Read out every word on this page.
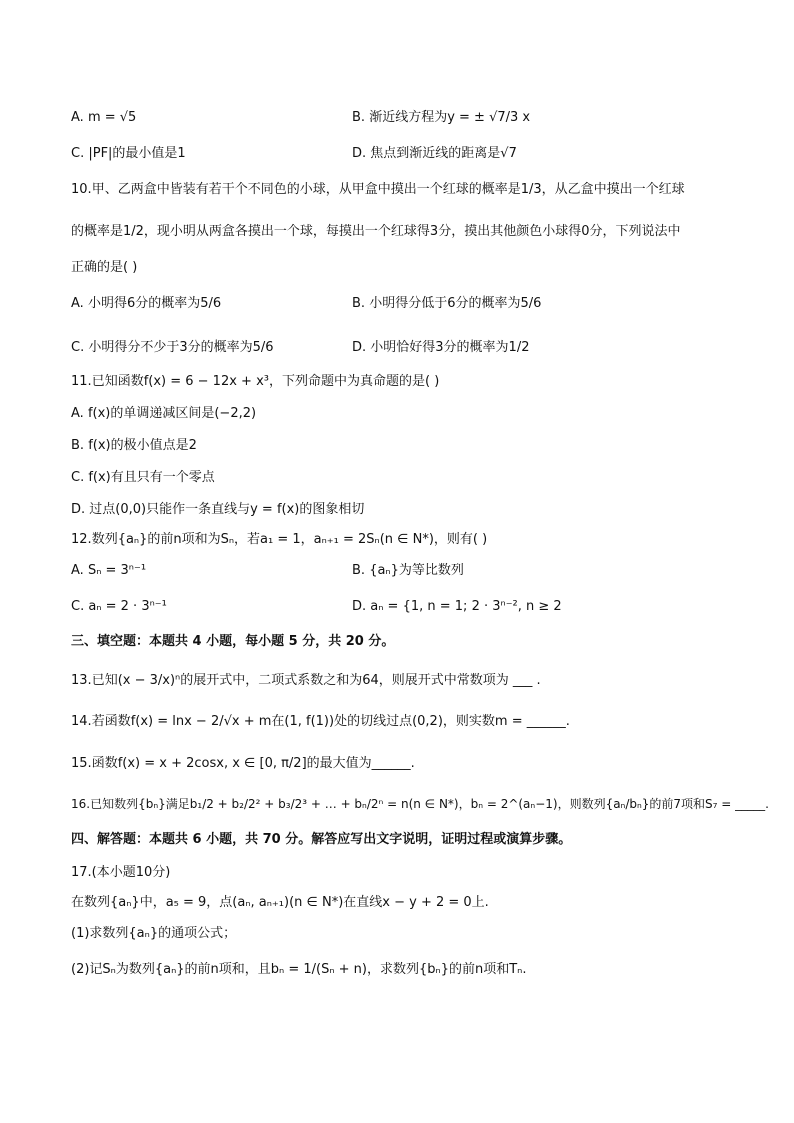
A. m = √5	B. 渐近线方程为y = ± √7/3 x
C. |PF|的最小值是1	D. 焦点到渐近线的距离是√7
10.甲、乙两盒中皆装有若干个不同色的小球，从甲盒中摸出一个红球的概率是1/3，从乙盒中摸出一个红球
的概率是1/2，现小明从两盒各摸出一个球，每摸出一个红球得3分，摸出其他颜色小球得0分，下列说法中
正确的是( )
A. 小明得6分的概率为5/6	B. 小明得分低于6分的概率为5/6
C. 小明得分不少于3分的概率为5/6	D. 小明恰好得3分的概率为1/2
11.已知函数f(x) = 6 − 12x + x³，下列命题中为真命题的是( )
A. f(x)的单调递减区间是(−2,2)
B. f(x)的极小值点是2
C. f(x)有且只有一个零点
D. 过点(0,0)只能作一条直线与y = f(x)的图象相切
12.数列{aₙ}的前n项和为Sₙ，若a₁ = 1，aₙ₊₁ = 2Sₙ(n ∈ N*)，则有( )
A. Sₙ = 3ⁿ⁻¹	B. {aₙ}为等比数列
C. aₙ = 2 · 3ⁿ⁻¹	D. aₙ = {1, n = 1; 2 · 3ⁿ⁻², n ≥ 2
三、填空题：本题共 4 小题，每小题 5 分，共 20 分。
13.已知(x − 3/x)ⁿ的展开式中，二项式系数之和为64，则展开式中常数项为 ___ .
14.若函数f(x) = lnx − 2/√x + m在(1, f(1))处的切线过点(0,2)，则实数m = ______.
15.函数f(x) = x + 2cosx, x ∈ [0, π/2]的最大值为______.
16.已知数列{bₙ}满足b₁/2 + b₂/2² + b₃/2³ + … + bₙ/2ⁿ = n(n ∈ N*)，bₙ = 2^(aₙ−1)，则数列{aₙ/bₙ}的前7项和S₇ = _____.
四、解答题：本题共 6 小题，共 70 分。解答应写出文字说明，证明过程或演算步骤。
17.(本小题10分)
在数列{aₙ}中，a₅ = 9，点(aₙ, aₙ₊₁)(n ∈ N*)在直线x − y + 2 = 0上.
(1)求数列{aₙ}的通项公式；
(2)记Sₙ为数列{aₙ}的前n项和，且bₙ = 1/(Sₙ + n)，求数列{bₙ}的前n项和Tₙ.
